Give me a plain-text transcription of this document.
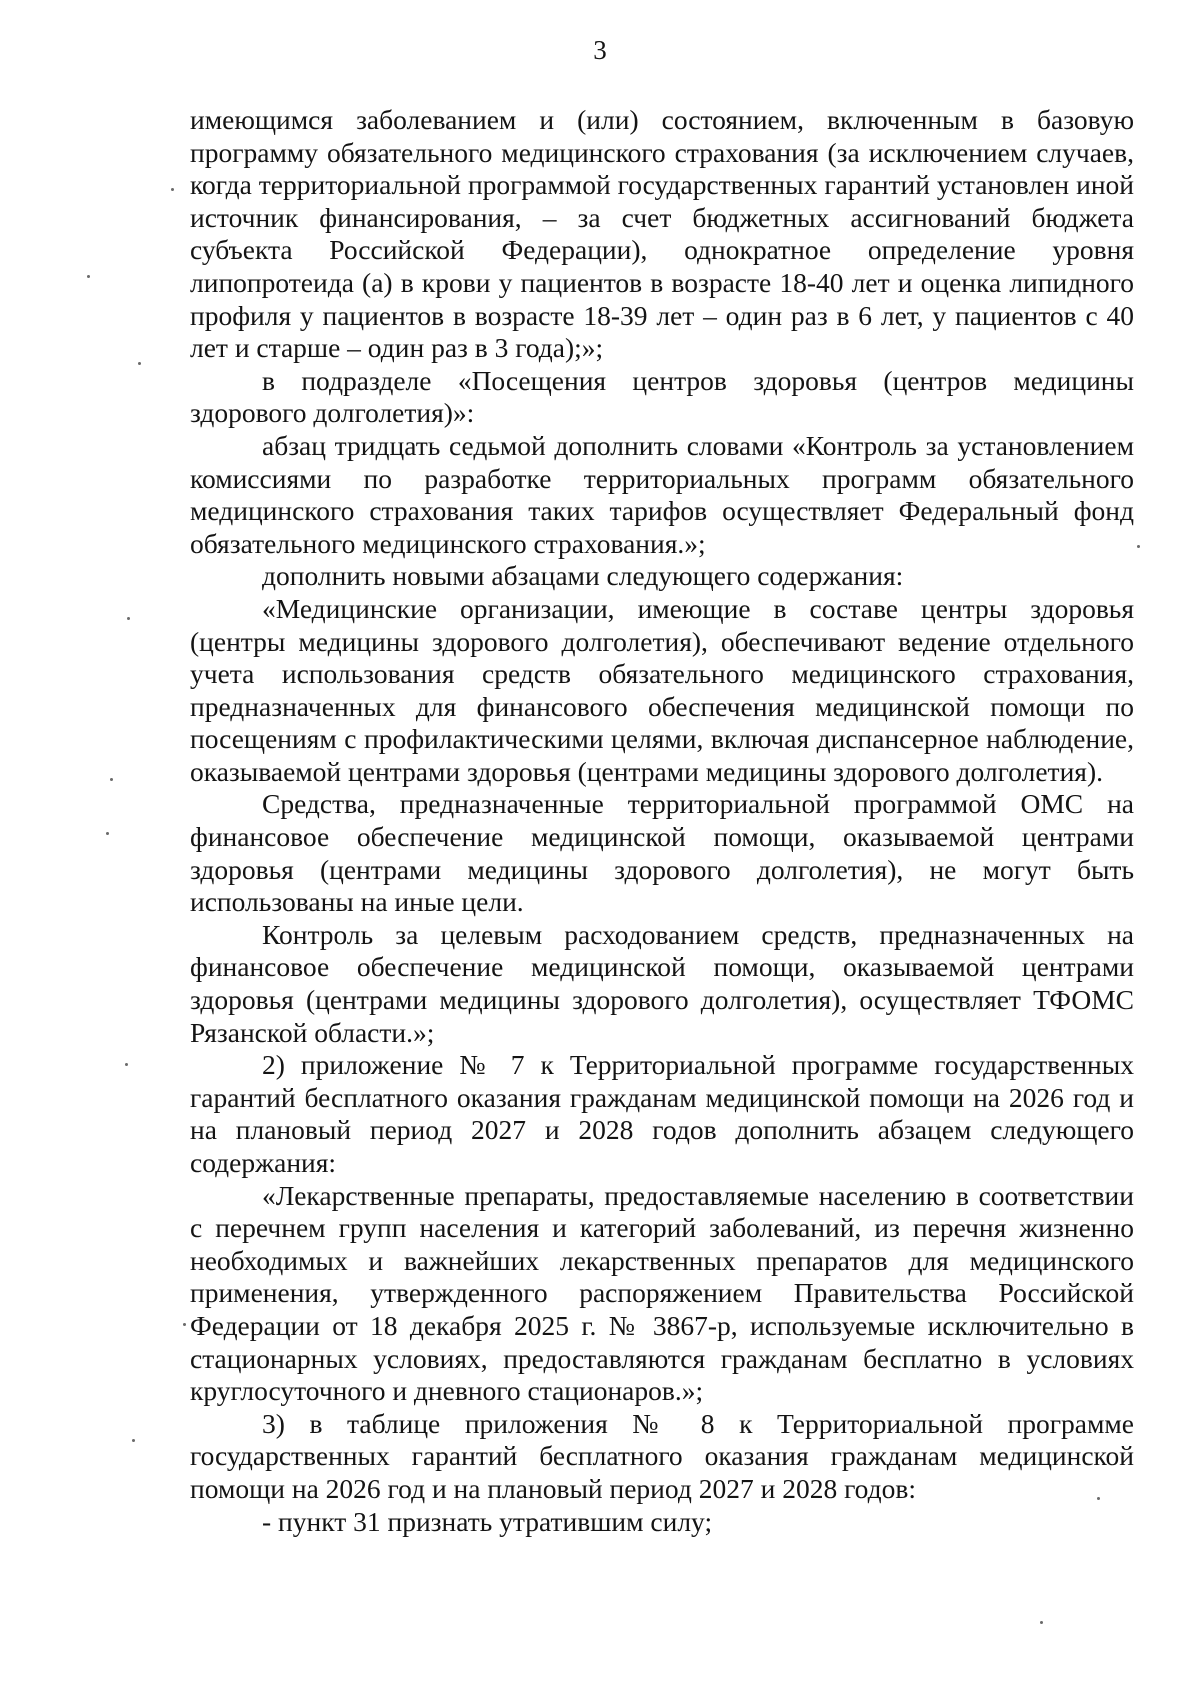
3

имеющимся заболеванием и (или) состоянием, включенным в базовую программу обязательного медицинского страхования (за исключением случаев, когда территориальной программой государственных гарантий установлен иной источник финансирования, – за счет бюджетных ассигнований бюджета субъекта Российской Федерации), однократное определение уровня липопротеида (а) в крови у пациентов в возрасте 18-40 лет и оценка липидного профиля у пациентов в возрасте 18-39 лет – один раз в 6 лет, у пациентов с 40 лет и старше – один раз в 3 года);»;

в подразделе «Посещения центров здоровья (центров медицины здорового долголетия)»:

абзац тридцать седьмой дополнить словами «Контроль за установлением комиссиями по разработке территориальных программ обязательного медицинского страхования таких тарифов осуществляет Федеральный фонд обязательного медицинского страхования.»;

дополнить новыми абзацами следующего содержания:

«Медицинские организации, имеющие в составе центры здоровья (центры медицины здорового долголетия), обеспечивают ведение отдельного учета использования средств обязательного медицинского страхования, предназначенных для финансового обеспечения медицинской помощи по посещениям с профилактическими целями, включая диспансерное наблюдение, оказываемой центрами здоровья (центрами медицины здорового долголетия).

Средства, предназначенные территориальной программой ОМС на финансовое обеспечение медицинской помощи, оказываемой центрами здоровья (центрами медицины здорового долголетия), не могут быть использованы на иные цели.

Контроль за целевым расходованием средств, предназначенных на финансовое обеспечение медицинской помощи, оказываемой центрами здоровья (центрами медицины здорового долголетия), осуществляет ТФОМС Рязанской области.»;

2) приложение № 7 к Территориальной программе государственных гарантий бесплатного оказания гражданам медицинской помощи на 2026 год и на плановый период 2027 и 2028 годов дополнить абзацем следующего содержания:

«Лекарственные препараты, предоставляемые населению в соответствии с перечнем групп населения и категорий заболеваний, из перечня жизненно необходимых и важнейших лекарственных препаратов для медицинского применения, утвержденного распоряжением Правительства Российской Федерации от 18 декабря 2025 г. № 3867-р, используемые исключительно в стационарных условиях, предоставляются гражданам бесплатно в условиях круглосуточного и дневного стационаров.»;

3) в таблице приложения № 8 к Территориальной программе государственных гарантий бесплатного оказания гражданам медицинской помощи на 2026 год и на плановый период 2027 и 2028 годов:

- пункт 31 признать утратившим силу;
